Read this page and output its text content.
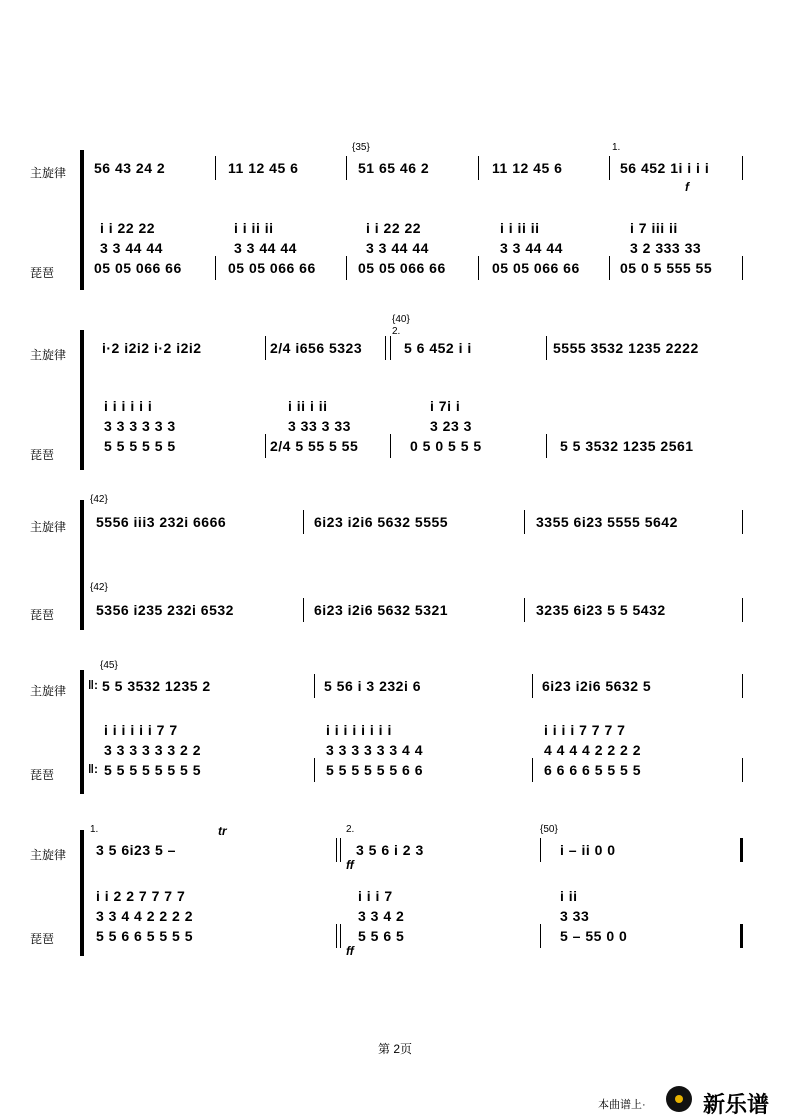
主旋律
琵琶
{35}	1.
56 43 24 2	11 12 45 6	51 65 46 2	11 12 45 6	56 452 1i i i i
i i 22 22	i i ii ii	i i 22 22	i i ii ii	i 7 iii ii
3 3 44 44	3 3 44 44	3 3 44 44	3 3 44 44	3 2 333 33
05 05 066 66	05 05 066 66	05 05 066 66	05 05 066 66	05 0 5 555 55
f
主旋律
琵琶
{40}
2.
i·2 i2i2 i·2 i2i2	2/4 i656 5323	5 6 452 i i	5555 3532 1235 2222
i i i i i i	i ii i ii	i 7i i
3 3 3 3 3 3	3 33 3 33	3 23 3
5 5 5 5 5 5	2/4 5 55 5 55	0 5 0 5 5 5	5 5 3532 1235 2561
主旋律
琵琶
{42}
{42}
5556 iii3 232i 6666	6i23 i2i6 5632 5555	3355 6i23 5555 5642
5356 i235 232i 6532	6i23 i2i6 5632 5321	3235 6i23 5 5 5432
主旋律
琵琶
{45}
5 5 3532 1235 2	5 56 i 3 232i 6	6i23 i2i6 5632 5
i i i i i i 7 7	i i i i i i i i	i i i i 7 7 7 7
3 3 3 3 3 3 2 2	3 3 3 3 3 3 4 4	4 4 4 4 2 2 2 2
5 5 5 5 5 5 5 5	5 5 5 5 5 5 6 6	6 6 6 6 5 5 5 5
‖:
‖:
主旋律
琵琶
1.	2.	{50}
tr
ff
ff
3 5 6i23 5 –	3 5 6 i 2 3	i – ii 0 0
i i 2 2 7 7 7 7	i i i 7	i ii
3 3 4 4 2 2 2 2	3 3 4 2	3 33
5 5 6 6 5 5 5 5	5 5 6 5	5 – 55 0 0
第 2页
本曲谱上·	新乐谱
